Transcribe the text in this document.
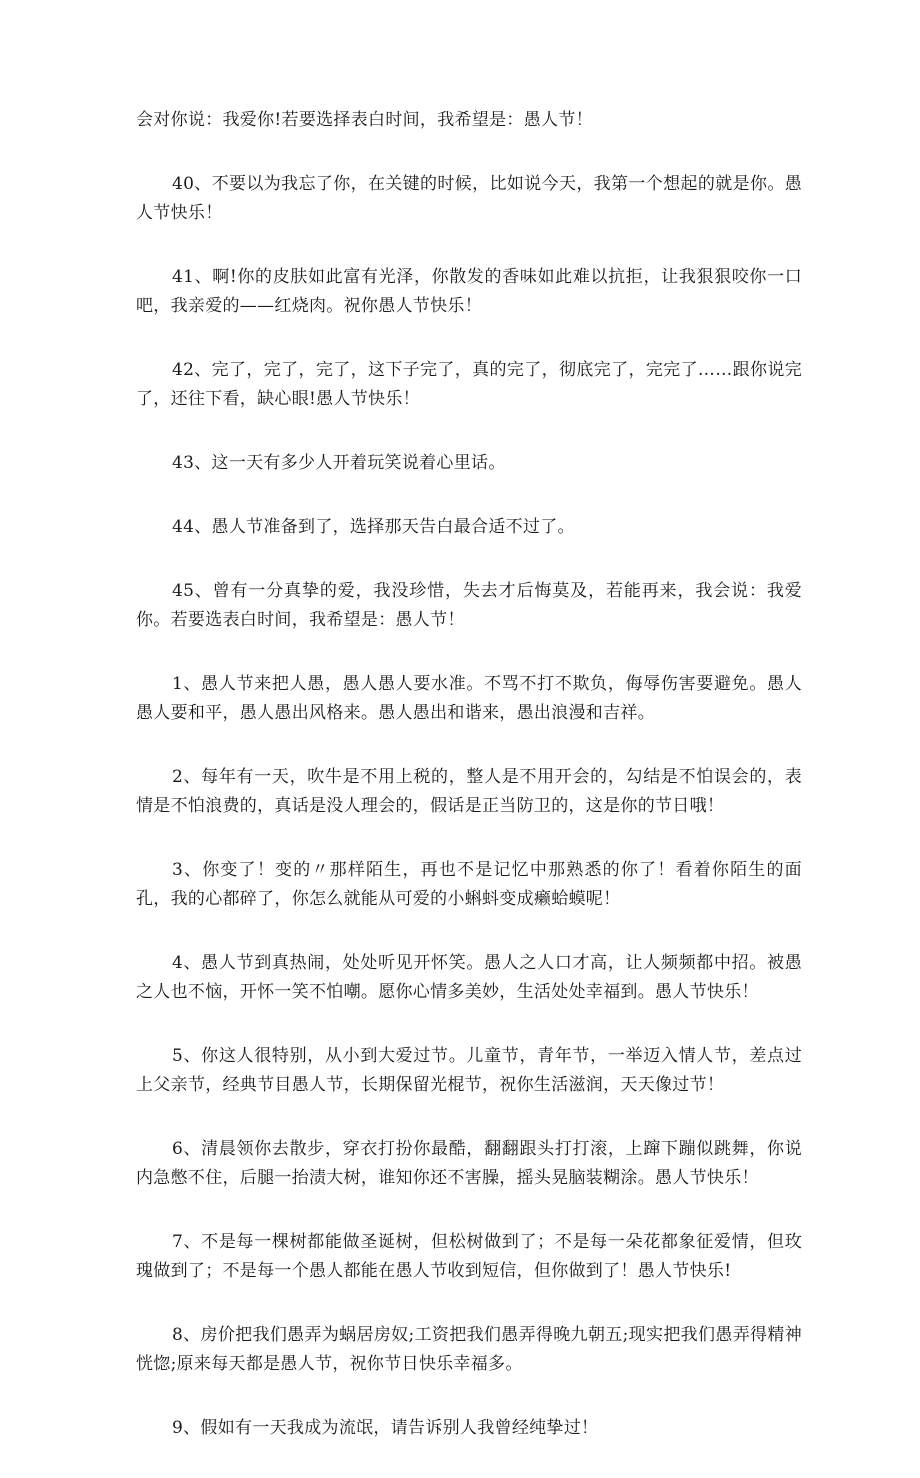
会对你说：我爱你!若要选择表白时间，我希望是：愚人节！

40、不要以为我忘了你，在关键的时候，比如说今天，我第一个想起的就是你。愚人节快乐！

41、啊!你的皮肤如此富有光泽，你散发的香味如此难以抗拒，让我狠狠咬你一口吧，我亲爱的——红烧肉。祝你愚人节快乐！

42、完了，完了，完了，这下子完了，真的完了，彻底完了，完完了……跟你说完了，还往下看，缺心眼!愚人节快乐！

43、这一天有多少人开着玩笑说着心里话。

44、愚人节准备到了，选择那天告白最合适不过了。

45、曾有一分真挚的爱，我没珍惜，失去才后悔莫及，若能再来，我会说：我爱你。若要选表白时间，我希望是：愚人节！

1、愚人节来把人愚，愚人愚人要水准。不骂不打不欺负，侮辱伤害要避免。愚人愚人要和平，愚人愚出风格来。愚人愚出和谐来，愚出浪漫和吉祥。

2、每年有一天，吹牛是不用上税的，整人是不用开会的，勾结是不怕误会的，表情是不怕浪费的，真话是没人理会的，假话是正当防卫的，这是你的节日哦！

3、你变了！变的〃那样陌生，再也不是记忆中那熟悉的你了！看着你陌生的面孔，我的心都碎了，你怎么就能从可爱的小蝌蚪变成癞蛤蟆呢！

4、愚人节到真热闹，处处听见开怀笑。愚人之人口才高，让人频频都中招。被愚之人也不恼，开怀一笑不怕嘲。愿你心情多美妙，生活处处幸福到。愚人节快乐！

5、你这人很特别，从小到大爱过节。儿童节，青年节，一举迈入情人节，差点过上父亲节，经典节目愚人节，长期保留光棍节，祝你生活滋润，天天像过节！

6、清晨领你去散步，穿衣打扮你最酷，翻翻跟头打打滚，上蹿下蹦似跳舞，你说内急憋不住，后腿一抬渍大树，谁知你还不害臊，摇头晃脑装糊涂。愚人节快乐！

7、不是每一棵树都能做圣诞树，但松树做到了；不是每一朵花都象征爱情，但玫瑰做到了；不是每一个愚人都能在愚人节收到短信，但你做到了！愚人节快乐!

8、房价把我们愚弄为蜗居房奴;工资把我们愚弄得晚九朝五;现实把我们愚弄得精神恍惚;原来每天都是愚人节，祝你节日快乐幸福多。

9、假如有一天我成为流氓，请告诉别人我曾经纯挚过！
